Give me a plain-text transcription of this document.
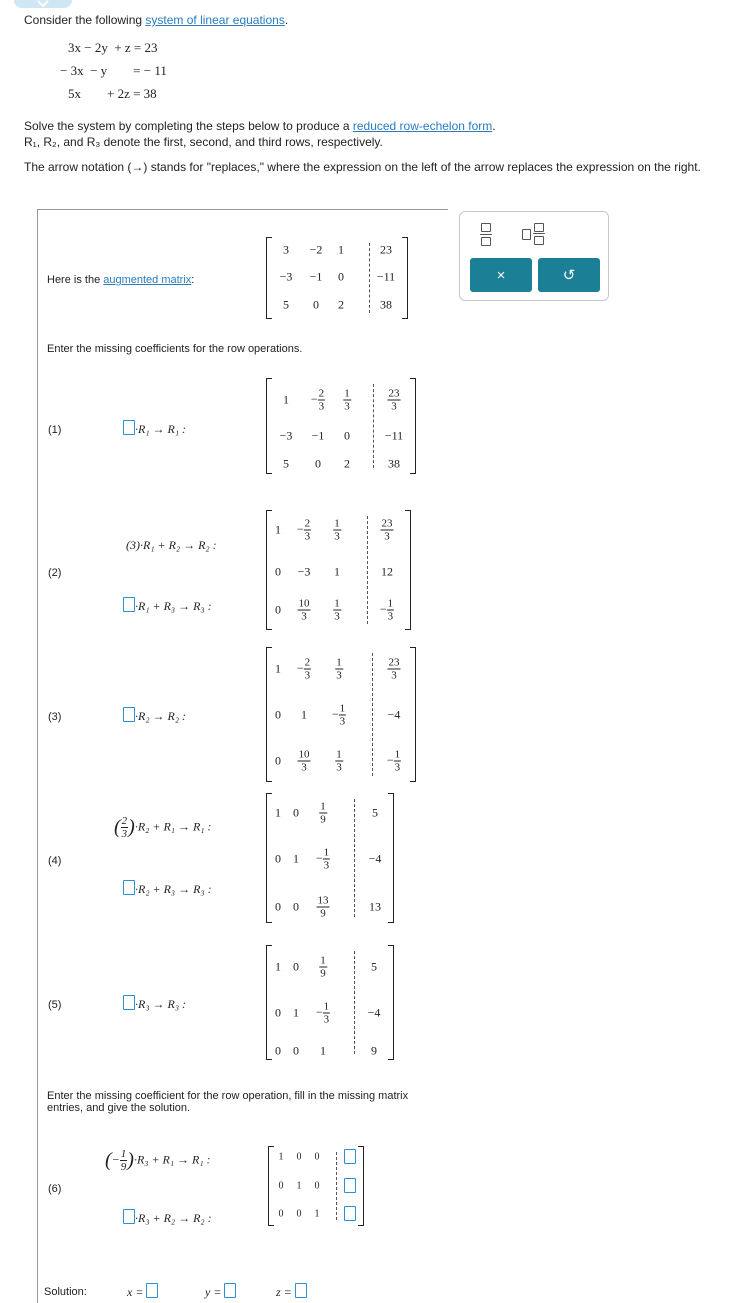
Consider the following system of linear equations.
3x − 2y  + z = 23
− 3x  − y        = − 11
5x        + 2z = 38
Solve the system by completing the steps below to produce a reduced row-echelon form.
R₁, R₂, and R₃ denote the first, second, and third rows, respectively.
The arrow notation (→) stands for "replaces," where the expression on the left of the arrow replaces the expression on the right.
Here is the augmented matrix:
3 −2 1	23
−3 −1 0	−11
5 0 2	38
Enter the missing coefficients for the row operations.
(1)	·R₁ → R₁ :
$1 - \frac{2}{3} \frac{1}{3}$	$\frac{23}{3}$
−3 −1 0	−11
5 0 2	38
(2)
(3)·R₁ + R₂ → R₂ :
·R₁ + R₃ → R₃ :
$1 - \frac{2}{3} \frac{1}{3}$	$\frac{23}{3}$
0 −3 1	12
$0 \frac{10}{3} \frac{1}{3}$	− $\frac{1}{3}$
(3)	·R₂ → R₂ :
$1 - \frac{2}{3} \frac{1}{3}$	$\frac{23}{3}$
0 $1 - \frac{1}{3}$	−4
$0 \frac{10}{3} \frac{1}{3}$	− $\frac{1}{3}$
(4)
( $\frac{2}{3} )\cdot R_2 + R_1 \to R_1$ :
·R₂ + R₃ → R₃ :
1 $0 \frac{1}{9}$	5
0 $1 - \frac{1}{3}$	−4
0 $0 \frac{13}{9}$	13
(5)	·R₃ → R₃ :
1 $0 \frac{1}{9}$	5
0 $1 - \frac{1}{3}$	−4
0 0 1	9
Enter the missing coefficient for the row operation, fill in the missing matrix entries, and give the solution.
(6)
(− $\frac{1}{9} )\cdot R_3 + R_1 \to R_1$ :
·R₃ + R₂ → R₂ :
1 0 0
0 1 0
0 0 1
Solution:	x =	y =	z =
×	↺
